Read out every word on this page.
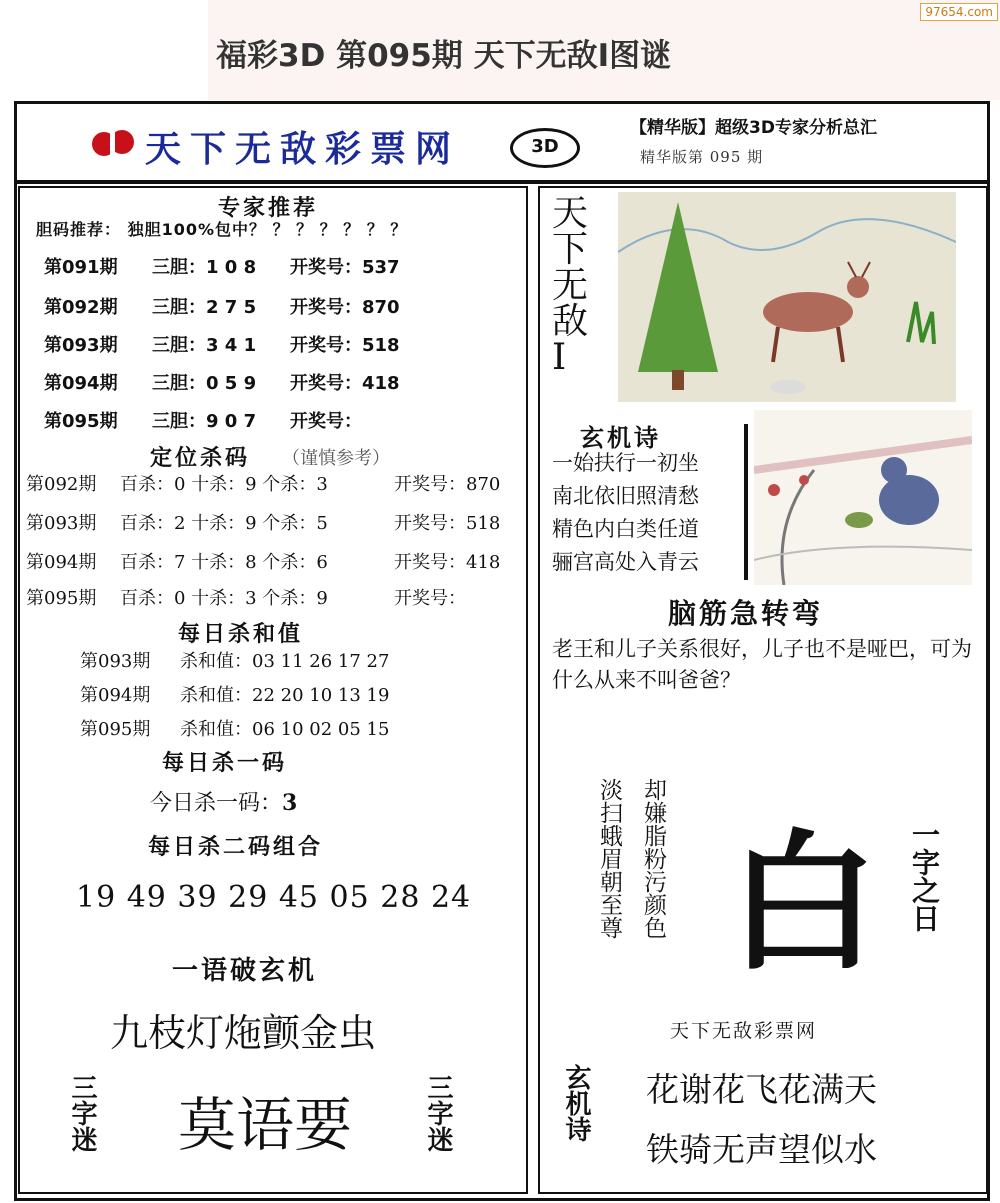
福彩3D 第095期 天下无敌Ⅰ图谜
97654.com
天下无敌彩票网	3D
【精华版】超级3D专家分析总汇
精华版第 095 期
专家推荐
胆码推荐： 独胆100%包中？ ？ ？ ？ ？ ？ ？
第091期 三胆：1 0 8 开奖号：537
第092期 三胆：2 7 5 开奖号：870
第093期 三胆：3 4 1 开奖号：518
第094期 三胆：0 5 9 开奖号：418
第095期 三胆：9 0 7 开奖号：
定位杀码 （谨慎参考）
第092期 百杀：0 十杀：9 个杀：3	开奖号：870
第093期 百杀：2 十杀：9 个杀：5	开奖号：518
第094期 百杀：7 十杀：8 个杀：6	开奖号：418
第095期 百杀：0 十杀：3 个杀：9	开奖号：
每日杀和值
第093期 杀和值：03 11 26 17 27
第094期 杀和值：22 20 10 13 19
第095期 杀和值：06 10 02 05 15
每日杀一码
今日杀一码：3
每日杀二码组合
19 49 39 29 45 05 28 24
一语破玄机
九枝灯炧颤金虫
三字迷 莫语要	三字迷
天下无敌Ⅰ
玄机诗
一始扶行一初坐
南北依旧照清愁
精色内白类任道
骊宫高处入青云
脑筋急转弯
老王和儿子关系很好，儿子也不是哑巴，可为什么从来不叫爸爸？
却嫌脂粉污颜色
淡扫蛾眉朝至尊 白 一字之日
天下无敌彩票网
玄机诗 花谢花飞花满天
铁骑无声望似水
